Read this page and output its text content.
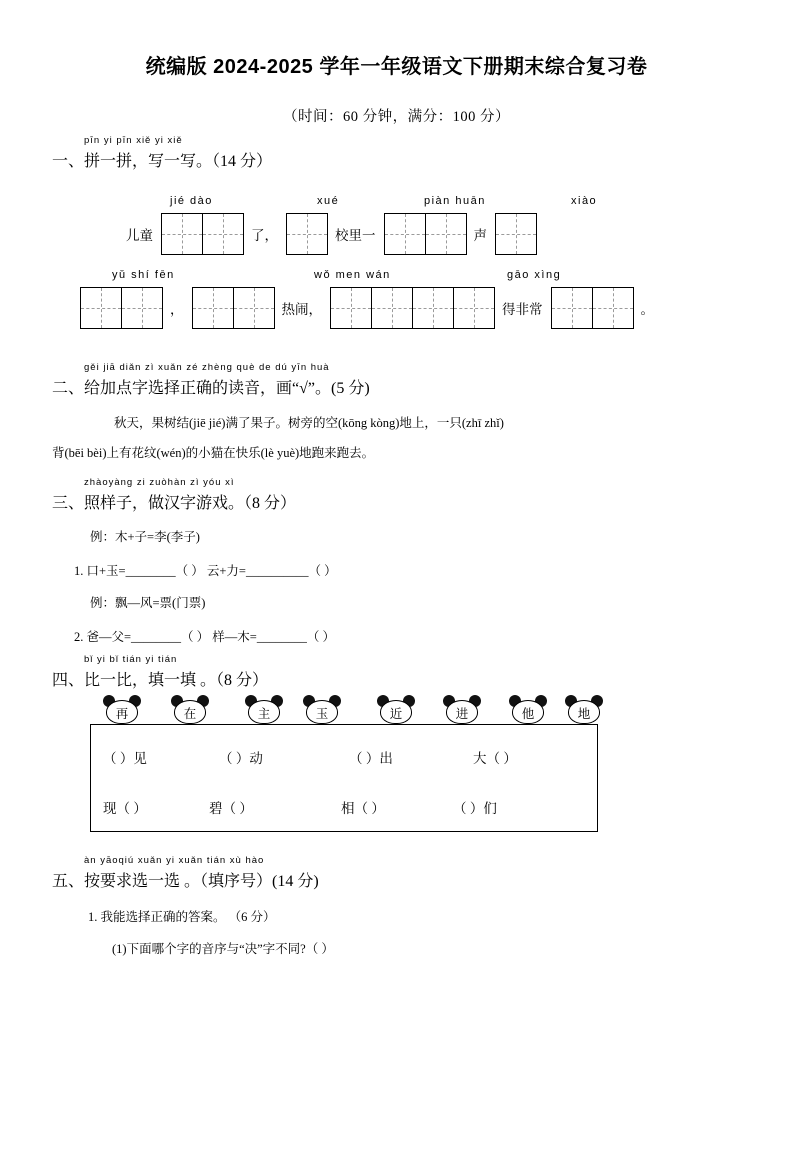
统编版 2024-2025 学年一年级语文下册期末综合复习卷
（时间：60 分钟，满分：100 分）
pīn yi pīn xiě yi xiě
一、拼一拼，写一写。（14 分）
jié dào	xué	piàn huān	xiào
儿童	了，	校里一	声
yǔ shí fēn	wǒ men wán	gāo xìng
，	热闹，	得非常	。
gěi jiā diǎn zì xuǎn zé zhèng què de dú yīn huà
二、给加点字选择正确的读音，画“√”。(5 分)
秋天，果树结(jiē jié)满了果子。树旁的空(kōng kòng)地上，一只(zhī zhǐ)
背(bēi bèi)上有花纹(wén)的小猫在快乐(lè yuè)地跑来跑去。
zhàoyàng zi zuòhàn zì yóu xì
三、照样子，做汉字游戏。（8 分）
例：木+子=李(李子)
1. 口+玉=________（ ） 云+力=__________（ ）
例：飘—风=票(门票)
2. 爸—父=________（ ） 样—木=________（ ）
bǐ yi bǐ tián yi tián
四、比一比，填一填 。（8 分）
再	在	主	玉	近	进	他	地
（ ）见	（ ）动	（ ）出	大（ ）
现（ ）	碧（ ）	相（ ）	（ ）们
àn yāoqiú xuǎn yi xuǎn tián xù hào
五、按要求选一选 。（填序号）(14 分)
1. 我能选择正确的答案。 （6 分）
(1)下面哪个字的音序与“决”字不同?（ ）
